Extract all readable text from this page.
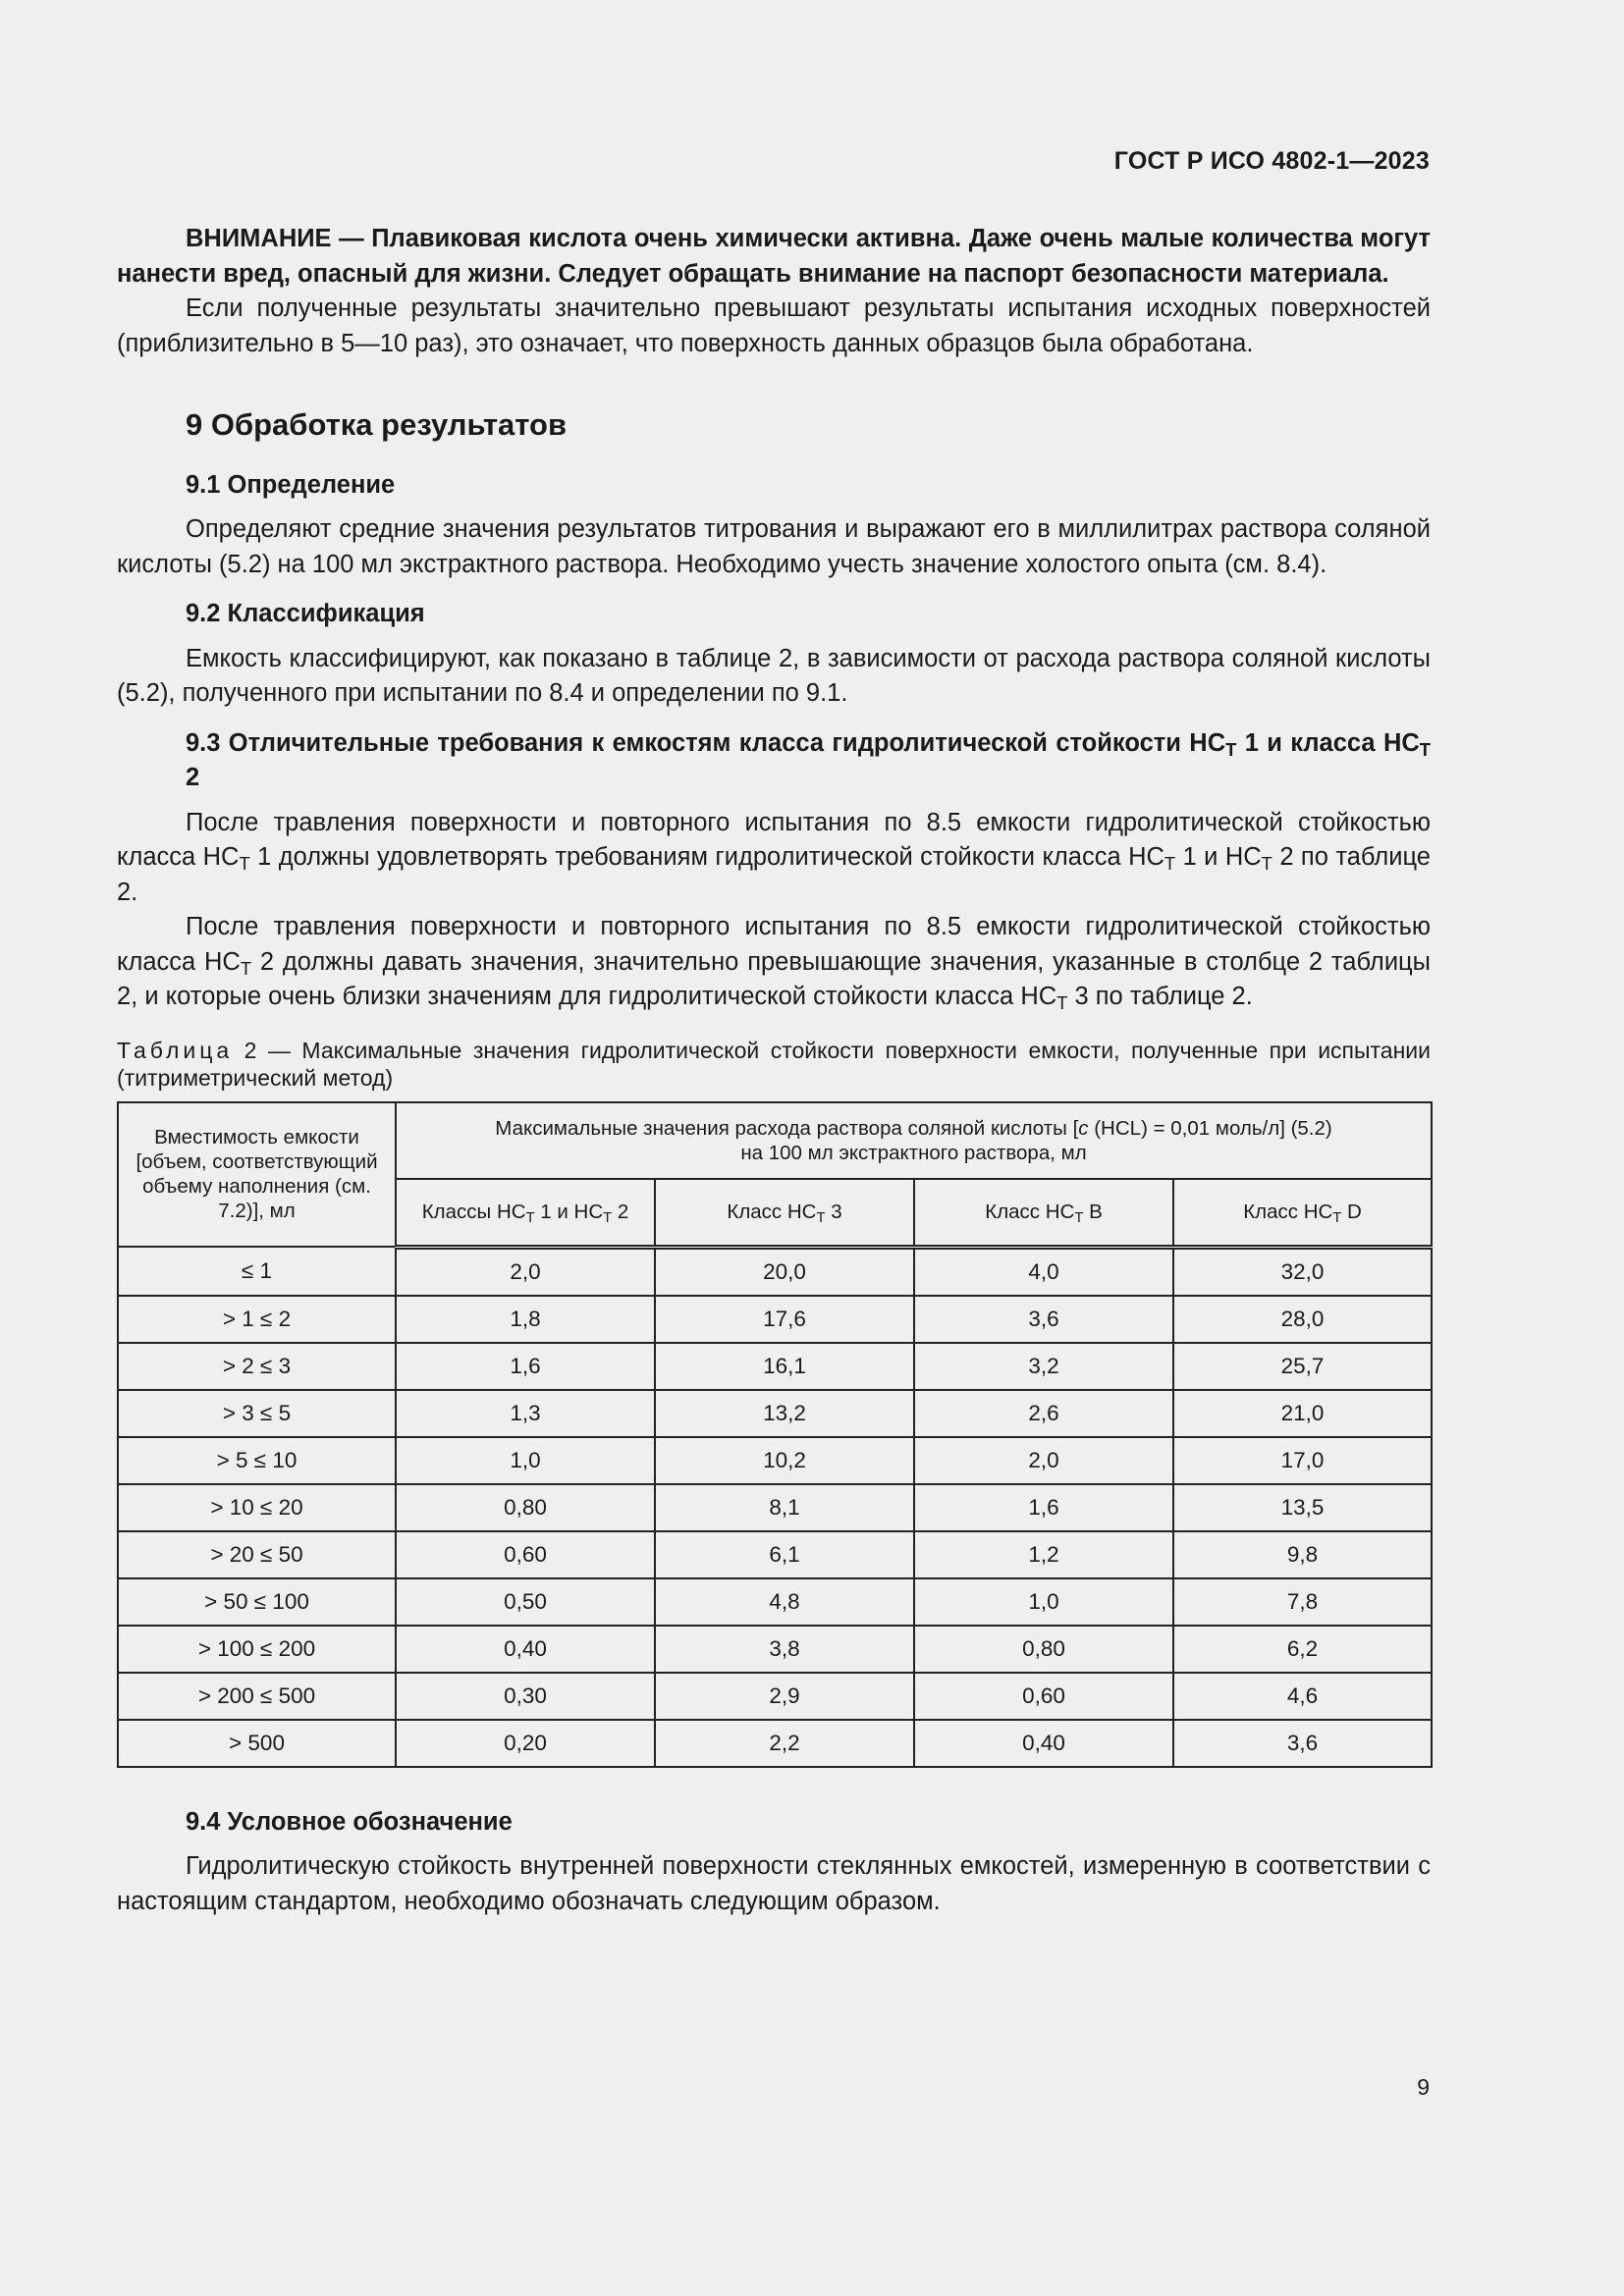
ГОСТ Р ИСО 4802-1—2023

ВНИМАНИЕ — Плавиковая кислота очень химически активна. Даже очень малые количества могут нанести вред, опасный для жизни. Следует обращать внимание на паспорт безопасности материала.

Если полученные результаты значительно превышают результаты испытания исходных поверхностей (приблизительно в 5—10 раз), это означает, что поверхность данных образцов была обработана.

9 Обработка результатов
9.1 Определение

Определяют средние значения результатов титрования и выражают его в миллилитрах раствора соляной кислоты (5.2) на 100 мл экстрактного раствора. Необходимо учесть значение холостого опыта (см. 8.4).

9.2 Классификация

Емкость классифицируют, как показано в таблице 2, в зависимости от расхода раствора соляной кислоты (5.2), полученного при испытании по 8.4 и определении по 9.1.

9.3 Отличительные требования к емкостям класса гидролитической стойкости $HC_T$ 1 и класса $HC_T$ 2

После травления поверхности и повторного испытания по 8.5 емкости гидролитической стойкостью класса $HC_T$ 1 должны удовлетворять требованиям гидролитической стойкости класса $HC_T$ 1 и $HC_T$ 2 по таблице 2.

После травления поверхности и повторного испытания по 8.5 емкости гидролитической стойкостью класса $HC_T$ 2 должны давать значения, значительно превышающие значения, указанные в столбце 2 таблицы 2, и которые очень близки значениям для гидролитической стойкости класса $HC_T$ 3 по таблице 2.

Таблица 2 — Максимальные значения гидролитической стойкости поверхности емкости, полученные при испытании (титриметрический метод)
Вместимость емкости [объем, соответствующий объему наполнения (см. 7.2)], мл	Максимальные значения расхода раствора соляной кислоты [c (HCL) = 0,01 моль/л] (5.2)
на 100 мл экстрактного раствора, мл			
	Классы $HC_T$ 1 и $HC_T$ 2	Класс $HC_T$ 3	Класс $HC_T$ B	Класс $HC_T$ D
≤ 1	2,0	20,0	4,0	32,0
> 1 ≤ 2	1,8	17,6	3,6	28,0
> 2 ≤ 3	1,6	16,1	3,2	25,7
> 3 ≤ 5	1,3	13,2	2,6	21,0
> 5 ≤ 10	1,0	10,2	2,0	17,0
> 10 ≤ 20	0,80	8,1	1,6	13,5
> 20 ≤ 50	0,60	6,1	1,2	9,8
> 50 ≤ 100	0,50	4,8	1,0	7,8
> 100 ≤ 200	0,40	3,8	0,80	6,2
> 200 ≤ 500	0,30	2,9	0,60	4,6
> 500	0,20	2,2	0,40	3,6
9.4 Условное обозначение

Гидролитическую стойкость внутренней поверхности стеклянных емкостей, измеренную в соответствии с настоящим стандартом, необходимо обозначать следующим образом.

9
